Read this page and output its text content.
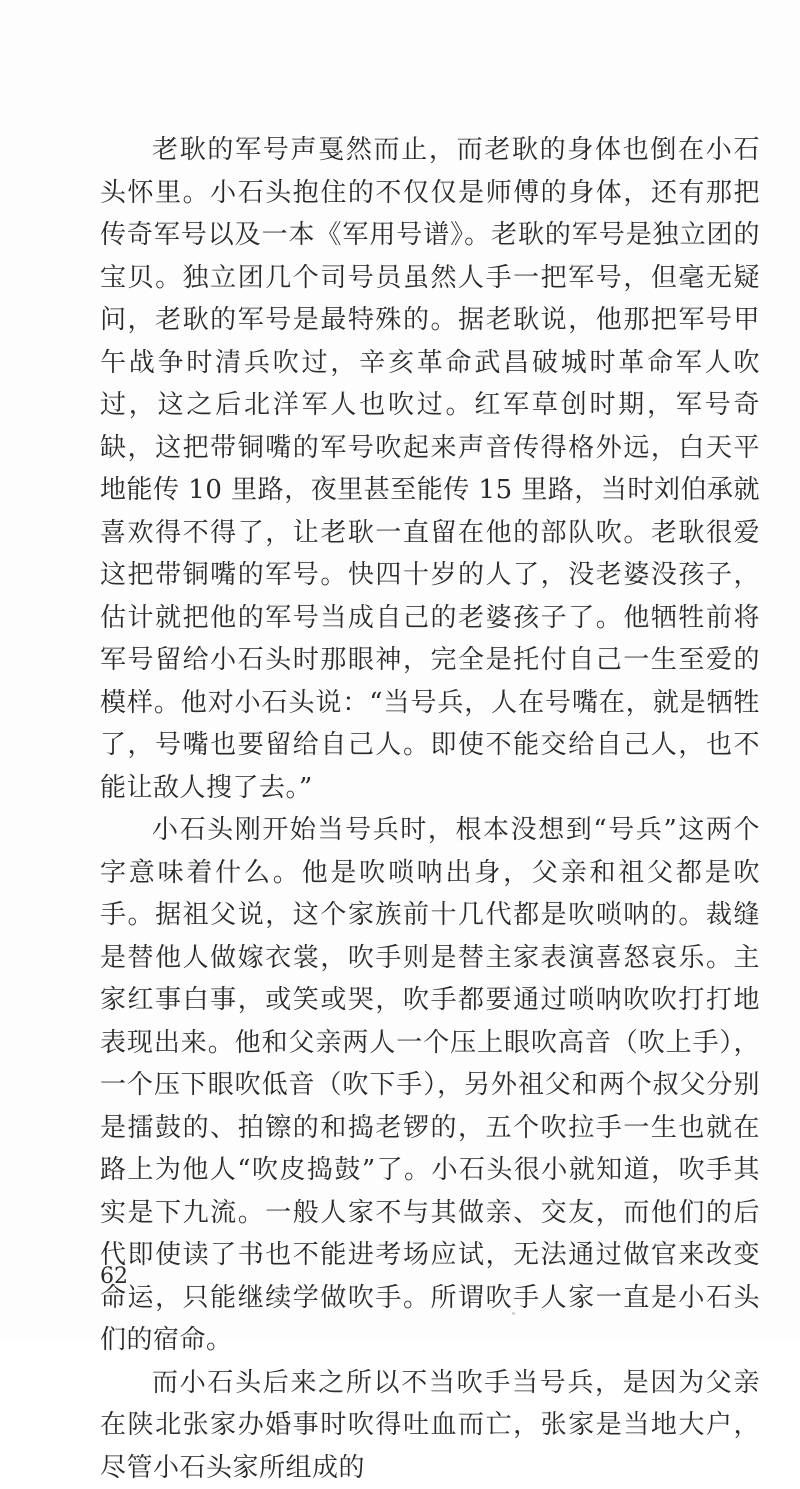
老耿的军号声戛然而止，而老耿的身体也倒在小石头怀里。小石头抱住的不仅仅是师傅的身体，还有那把传奇军号以及一本《军用号谱》。老耿的军号是独立团的宝贝。独立团几个司号员虽然人手一把军号，但毫无疑问，老耿的军号是最特殊的。据老耿说，他那把军号甲午战争时清兵吹过，辛亥革命武昌破城时革命军人吹过，这之后北洋军人也吹过。红军草创时期，军号奇缺，这把带铜嘴的军号吹起来声音传得格外远，白天平地能传 10 里路，夜里甚至能传 15 里路，当时刘伯承就喜欢得不得了，让老耿一直留在他的部队吹。老耿很爱这把带铜嘴的军号。快四十岁的人了，没老婆没孩子，估计就把他的军号当成自己的老婆孩子了。他牺牲前将军号留给小石头时那眼神，完全是托付自己一生至爱的模样。他对小石头说：“当号兵，人在号嘴在，就是牺牲了，号嘴也要留给自己人。即使不能交给自己人，也不能让敌人搜了去。”

小石头刚开始当号兵时，根本没想到“号兵”这两个字意味着什么。他是吹唢呐出身，父亲和祖父都是吹手。据祖父说，这个家族前十几代都是吹唢呐的。裁缝是替他人做嫁衣裳，吹手则是替主家表演喜怒哀乐。主家红事白事，或笑或哭，吹手都要通过唢呐吹吹打打地表现出来。他和父亲两人一个压上眼吹高音（吹上手），一个压下眼吹低音（吹下手），另外祖父和两个叔父分别是擂鼓的、拍镲的和捣老锣的，五个吹拉手一生也就在路上为他人“吹皮捣鼓”了。小石头很小就知道，吹手其实是下九流。一般人家不与其做亲、交友，而他们的后代即使读了书也不能进考场应试，无法通过做官来改变命运，只能继续学做吹手。所谓吹手人家一直是小石头们的宿命。

而小石头后来之所以不当吹手当号兵，是因为父亲在陕北张家办婚事时吹得吐血而亡，张家是当地大户，尽管小石头家所组成的

62
